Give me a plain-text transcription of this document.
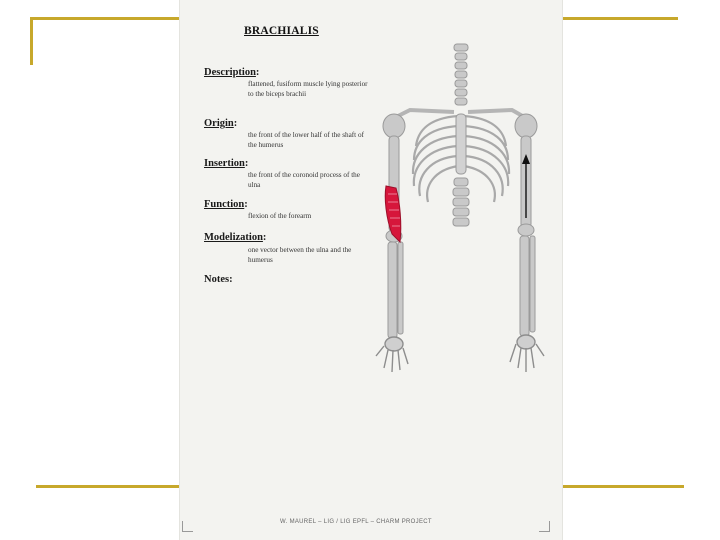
BRACHIALIS
Description:
flattened, fusiform muscle lying posterior to the biceps brachii
Origin:
the front of the lower half of the shaft of the humerus
Insertion:
the front of the coronoid process of the ulna
Function:
flexion of the forearm
Modelization:
one vector between the ulna and the humerus
Notes:
W. MAUREL – LIG / LIG EPFL – CHARM PROJECT
